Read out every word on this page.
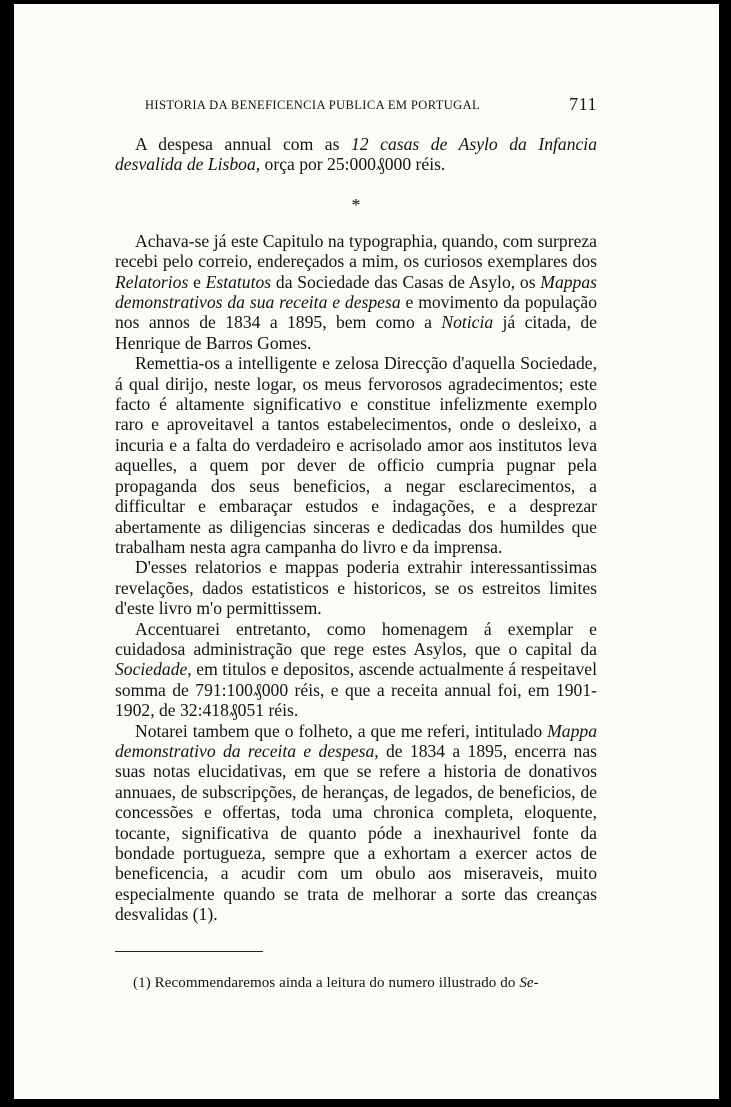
HISTORIA DA BENEFICENCIA PUBLICA EM PORTUGAL	711

A despesa annual com as 12 casas de Asylo da Infancia desvalida de Lisboa, orça por 25:000₰000 réis.

*

Achava-se já este Capitulo na typographia, quando, com surpreza recebi pelo correio, endereçados a mim, os curiosos exemplares dos Relatorios e Estatutos da Sociedade das Casas de Asylo, os Mappas demonstrativos da sua receita e despesa e movimento da população nos annos de 1834 a 1895, bem como a Noticia já citada, de Henrique de Barros Gomes.

Remettia-os a intelligente e zelosa Direcção d'aquella Sociedade, á qual dirijo, neste logar, os meus fervorosos agradecimentos; este facto é altamente significativo e constitue infelizmente exemplo raro e aproveitavel a tantos estabelecimentos, onde o desleixo, a incuria e a falta do verdadeiro e acrisolado amor aos institutos leva aquelles, a quem por dever de officio cumpria pugnar pela propaganda dos seus beneficios, a negar esclarecimentos, a difficultar e embaraçar estudos e indagações, e a desprezar abertamente as diligencias sinceras e dedicadas dos humildes que trabalham nesta agra campanha do livro e da imprensa.

D'esses relatorios e mappas poderia extrahir interessantissimas revelações, dados estatisticos e historicos, se os estreitos limites d'este livro m'o permittissem.

Accentuarei entretanto, como homenagem á exemplar e cuidadosa administração que rege estes Asylos, que o capital da Sociedade, em titulos e depositos, ascende actualmente á respeitavel somma de 791:100₰000 réis, e que a receita annual foi, em 1901-1902, de 32:418₰051 réis.

Notarei tambem que o folheto, a que me referi, intitulado Mappa demonstrativo da receita e despesa, de 1834 a 1895, encerra nas suas notas elucidativas, em que se refere a historia de donativos annuaes, de subscripções, de heranças, de legados, de beneficios, de concessões e offertas, toda uma chronica completa, eloquente, tocante, significativa de quanto póde a inexhaurivel fonte da bondade portugueza, sempre que a exhortam a exercer actos de beneficencia, a acudir com um obulo aos miseraveis, muito especialmente quando se trata de melhorar a sorte das creanças desvalidas (1).

(1) Recommendaremos ainda a leitura do numero illustrado do Se-
